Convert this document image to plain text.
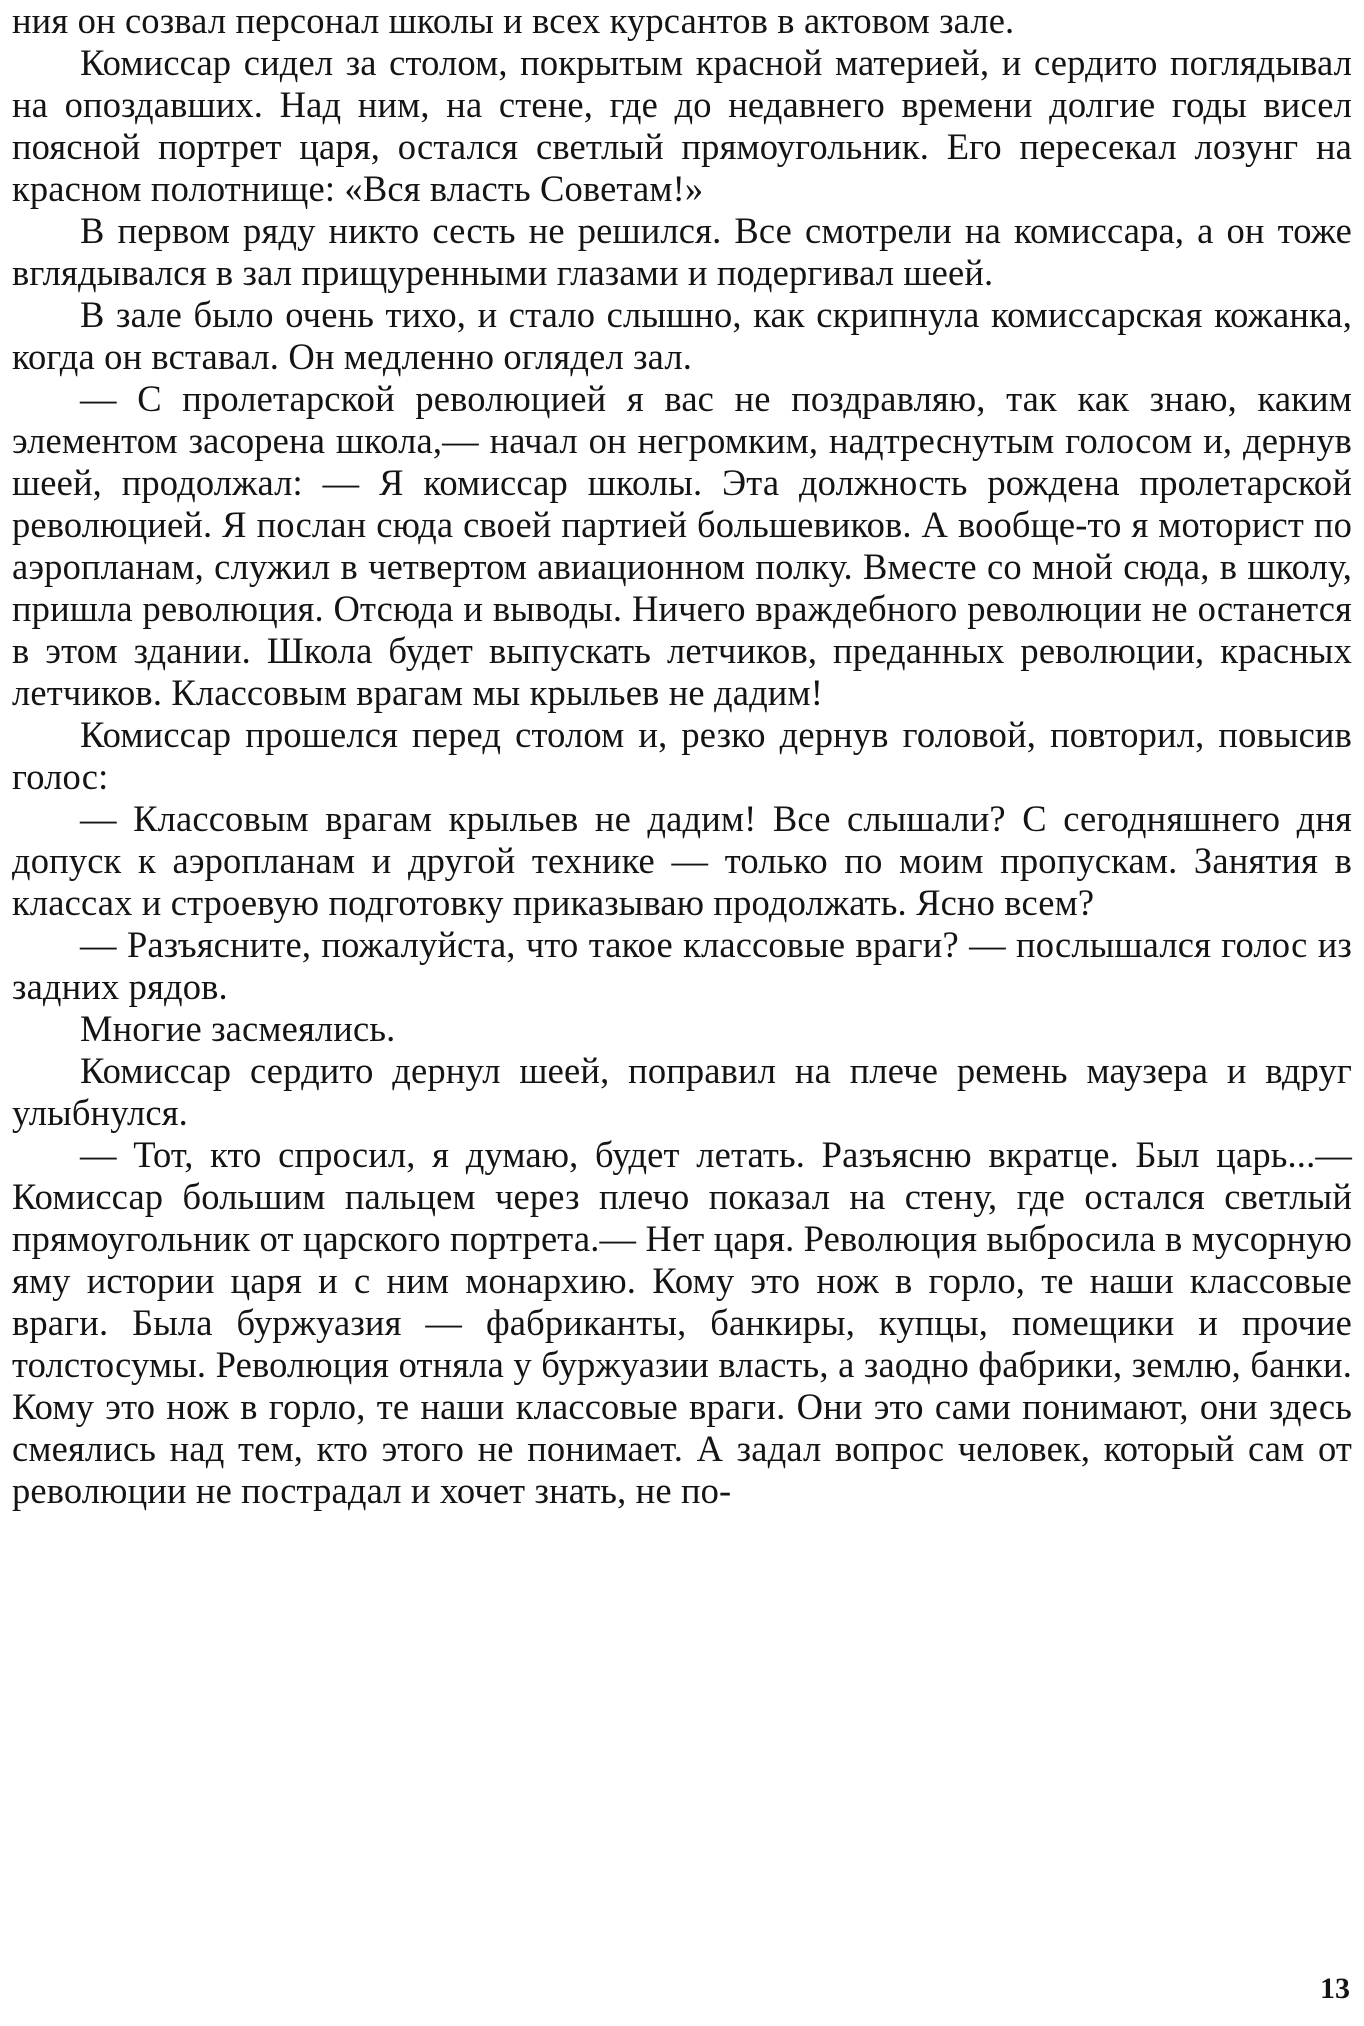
ния он созвал персонал школы и всех курсантов в актовом зале.

Комиссар сидел за столом, покрытым красной материей, и сердито поглядывал на опоздавших. Над ним, на стене, где до недавнего времени долгие годы висел поясной портрет царя, остался светлый прямоугольник. Его пересекал лозунг на красном полотнище: «Вся власть Советам!»

В первом ряду никто сесть не решился. Все смотрели на комиссара, а он тоже вглядывался в зал прищуренными глазами и подергивал шеей.

В зале было очень тихо, и стало слышно, как скрипнула комиссарская кожанка, когда он вставал. Он медленно оглядел зал.

— С пролетарской революцией я вас не поздравляю, так как знаю, каким элементом засорена школа,— начал он негромким, надтреснутым голосом и, дернув шеей, продолжал: — Я комиссар школы. Эта должность рождена пролетарской революцией. Я послан сюда своей партией большевиков. А вообще-то я моторист по аэропланам, служил в четвертом авиационном полку. Вместе со мной сюда, в школу, пришла революция. Отсюда и выводы. Ничего враждебного революции не останется в этом здании. Школа будет выпускать летчиков, преданных революции, красных летчиков. Классовым врагам мы крыльев не дадим!

Комиссар прошелся перед столом и, резко дернув головой, повторил, повысив голос:

— Классовым врагам крыльев не дадим! Все слышали? С сегодняшнего дня допуск к аэропланам и другой технике — только по моим пропускам. Занятия в классах и строевую подготовку приказываю продолжать. Ясно всем?

— Разъясните, пожалуйста, что такое классовые враги? — послышался голос из задних рядов.

Многие засмеялись.

Комиссар сердито дернул шеей, поправил на плече ремень маузера и вдруг улыбнулся.

— Тот, кто спросил, я думаю, будет летать. Разъясню вкратце. Был царь...— Комиссар большим пальцем через плечо показал на стену, где остался светлый прямоугольник от царского портрета.— Нет царя. Революция выбросила в мусорную яму истории царя и с ним монархию. Кому это нож в горло, те наши классовые враги. Была буржуазия — фабриканты, банкиры, купцы, помещики и прочие толстосумы. Революция отняла у буржуазии власть, а заодно фабрики, землю, банки. Кому это нож в горло, те наши классовые враги. Они это сами понимают, они здесь смеялись над тем, кто этого не понимает. А задал вопрос человек, который сам от революции не пострадал и хочет знать, не по-

13
